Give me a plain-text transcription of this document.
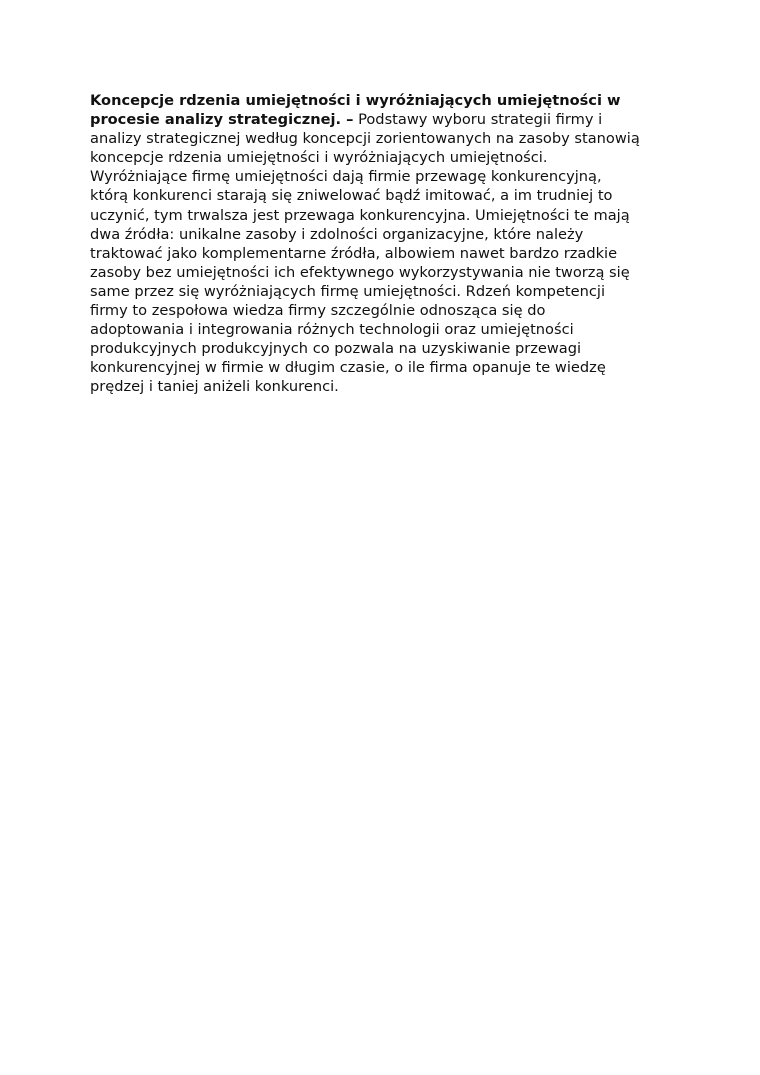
Koncepcje rdzenia umiejętności i wyróżniających umiejętności w
procesie analizy strategicznej. – Podstawy wyboru strategii firmy i
analizy strategicznej według koncepcji zorientowanych na zasoby stanowią
koncepcje rdzenia umiejętności i wyróżniających umiejętności.
Wyróżniające firmę umiejętności dają firmie przewagę konkurencyjną,
którą konkurenci starają się zniwelować bądź imitować, a im trudniej to
uczynić, tym trwalsza jest przewaga konkurencyjna. Umiejętności te mają
dwa źródła: unikalne zasoby i zdolności organizacyjne, które należy
traktować jako komplementarne źródła, albowiem nawet bardzo rzadkie
zasoby bez umiejętności ich efektywnego wykorzystywania nie tworzą się
same przez się wyróżniających firmę umiejętności. Rdzeń kompetencji
firmy to zespołowa wiedza firmy szczególnie odnosząca się do
adoptowania i integrowania różnych technologii oraz umiejętności
produkcyjnych produkcyjnych co pozwala na uzyskiwanie przewagi
konkurencyjnej w firmie w długim czasie, o ile firma opanuje te wiedzę
prędzej i taniej aniżeli konkurenci.
